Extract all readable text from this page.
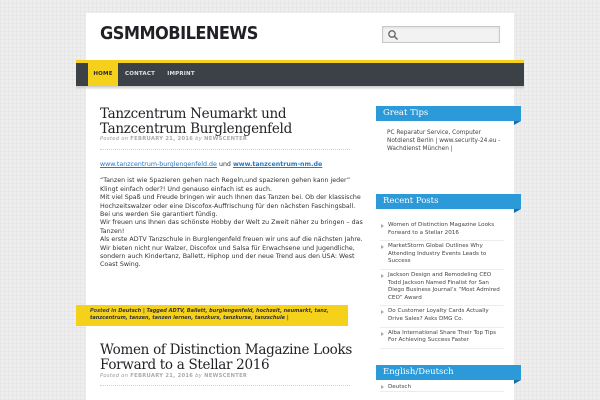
GSMMOBILENEWS
HOME	CONTACT	IMPRINT
Tanzcentrum Neumarkt und Tanzcentrum Burglengenfeld
Posted on FEBRUARY 21, 2016 by NEWSCENTER

www.tanzcentrum-burglengenfeld.de und www.tanzcentrum-nm.de

“Tanzen ist wie Spazieren gehen nach Regeln,und spazieren gehen kann jeder” Klingt einfach oder?! Und genauso einfach ist es auch.

Mit viel Spaß und Freude bringen wir auch Ihnen das Tanzen bei. Ob der klassische Hochzeitswalzer oder eine Discofox-Auffrischung für den nächsten Faschingsball. Bei uns werden Sie garantiert fündig.

Wir freuen uns Ihnen das schönste Hobby der Welt zu Zweit näher zu bringen – das Tanzen!

Als erste ADTV Tanzschule in Burglengenfeld freuen wir uns auf die nächsten Jahre.

Wir bieten nicht nur Walzer, Discofox und Salsa für Erwachsene und Jugendliche, sondern auch Kindertanz, Ballett, Hiphop und der neue Trend aus den USA: West Coast Swing.

Posted in Deutsch | Tagged ADTV, Ballett, burglengenfeld, hochzeit, neumarkt, tanz, tanzcentrum, tanzen, tanzen lernen, tanzkurs, tanzkurse, tanzschule |
Women of Distinction Magazine Looks Forward to a Stellar 2016
Posted on FEBRUARY 21, 2016 by NEWSCENTER
Great Tips
PC Reparatur Service, Computer Notdienst Berlin | www.security-24.eu - Wachdienst München |
Recent Posts
Women of Distinction Magazine Looks Forward to a Stellar 2016
MarketStorm Global Outlines Why Attending Industry Events Leads to Success
Jackson Design and Remodeling CEO Todd Jackson Named Finalist for San Diego Business Journal’s “Most Admired CEO” Award
Do Customer Loyalty Cards Actually Drive Sales? Asks DMG Co.
Alba International Share Their Top Tips For Achieving Success Faster
English/Deutsch
Deutsch
